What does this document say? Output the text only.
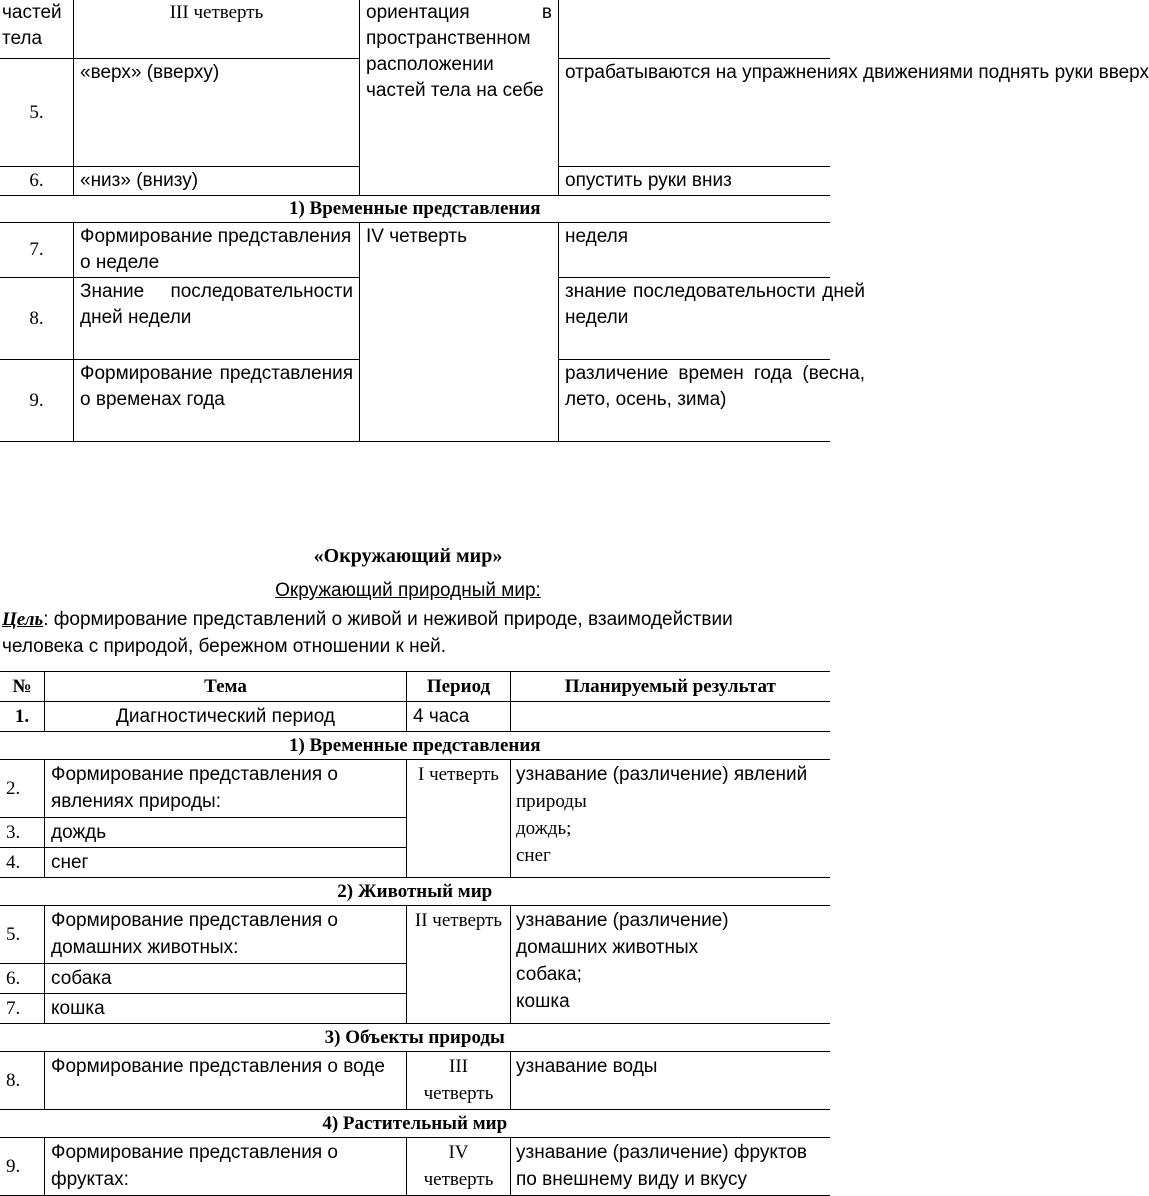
частей тела	III четверть	ориентация в пространственном расположении частей тела на себе	
5.	«верх» (вверху)		отрабатываются на упражнениях движениями поднять руки вверх

6.	«низ» (внизу)		опустить руки вниз
1) Временные представления			
7.	Формирование представления о неделе	IV четверть	неделя
8.	Знание последовательности дней недели		знание последовательности дней недели

9.	Формирование представления о временах года		различение времен года (весна, лето, осень, зима)
«Окружающий мир»
Окружающий природный мир:
Цель: формирование представлений о живой и неживой природе, взаимодействии
человека с природой, бережном отношении к ней.
№	Тема	Период	Планируемый результат
1.	Диагностический период	4 часа	
1) Временные представления			
2.	Формирование представления о явлениях природы:	I четверть	узнавание (различение) явлений
природы
дождь;
снег

3.	дождь		
4.	снег		
2) Животный мир			
5.	Формирование представления о домашних животных:	II четверть	узнавание (различение)
домашних животных
собака;
кошка

6.	собака		
7.	кошка		
3) Объекты природы			
8.	Формирование представления о воде	III четверть	узнавание воды

4) Растительный мир			
9.	Формирование представления о фруктах:	IV четверть	узнавание (различение) фруктов
по внешнему виду и вкусу
